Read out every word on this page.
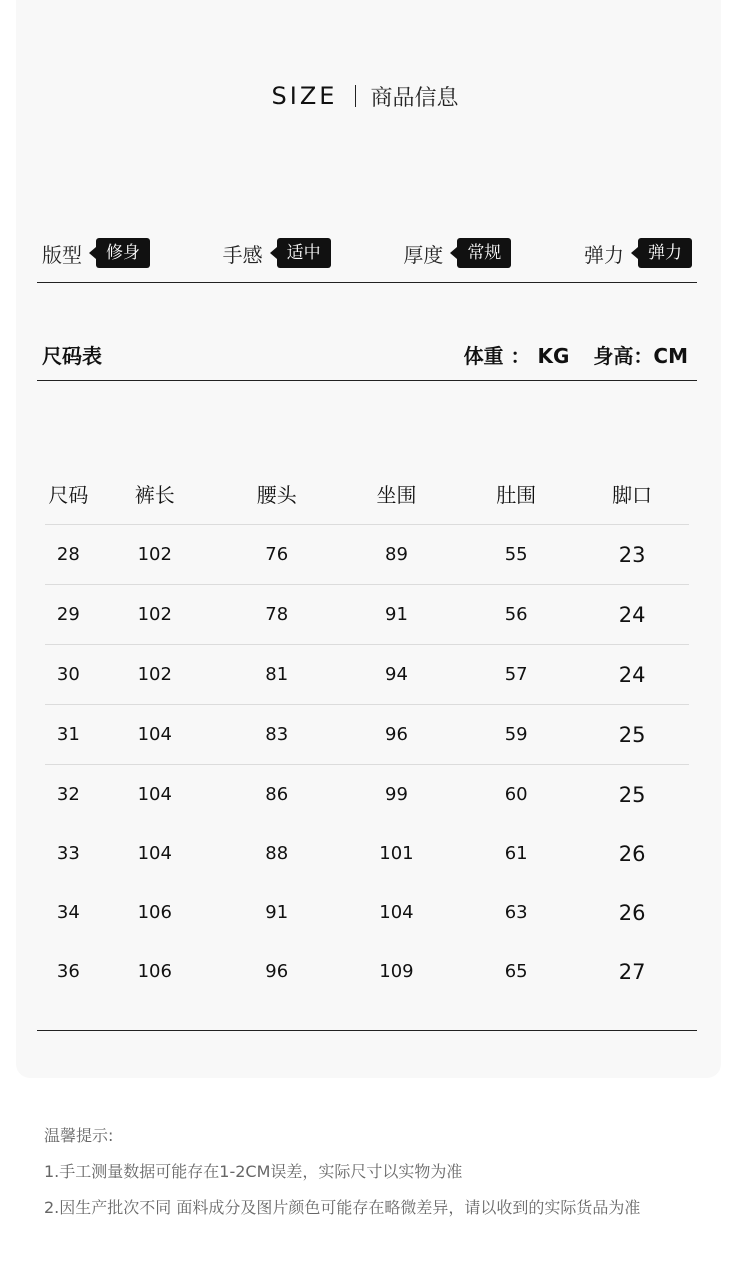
SIZE 商品信息
版型	修身	手感	适中	厚度	常规	弹力	弹力
尺码表	体重 ： KG 身高：CM
尺码	裤长	腰头	坐围	肚围	脚口
28	102	76	89	55	23
29	102	78	91	56	24
30	102	81	94	57	24
31	104	83	96	59	25
32	104	86	99	60	25
33	104	88	101	61	26
34	106	91	104	63	26
36	106	96	109	65	27
温馨提示:
1.手工测量数据可能存在1-2CM误差，实际尺寸以实物为准
2.因生产批次不同 面料成分及图片颜色可能存在略微差异，请以收到的实际货品为准
